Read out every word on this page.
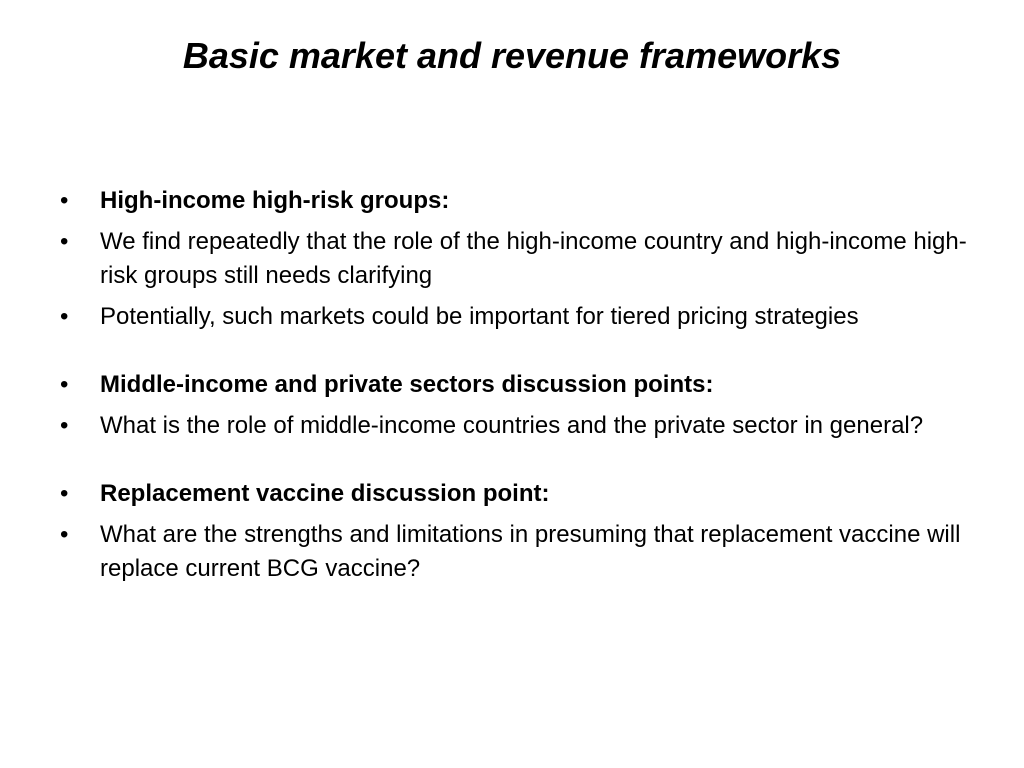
Basic market and revenue frameworks
•	High-income high-risk groups:
•	We find repeatedly that the role of the high-income country and high-income high-risk groups still needs clarifying
•	Potentially, such markets could be important for tiered pricing strategies
•	Middle-income and private sectors discussion points:
•	What is the role of middle-income countries and the private sector in general?
•	Replacement vaccine discussion point:
•	What are the strengths and limitations in presuming that replacement vaccine will replace current BCG vaccine?
